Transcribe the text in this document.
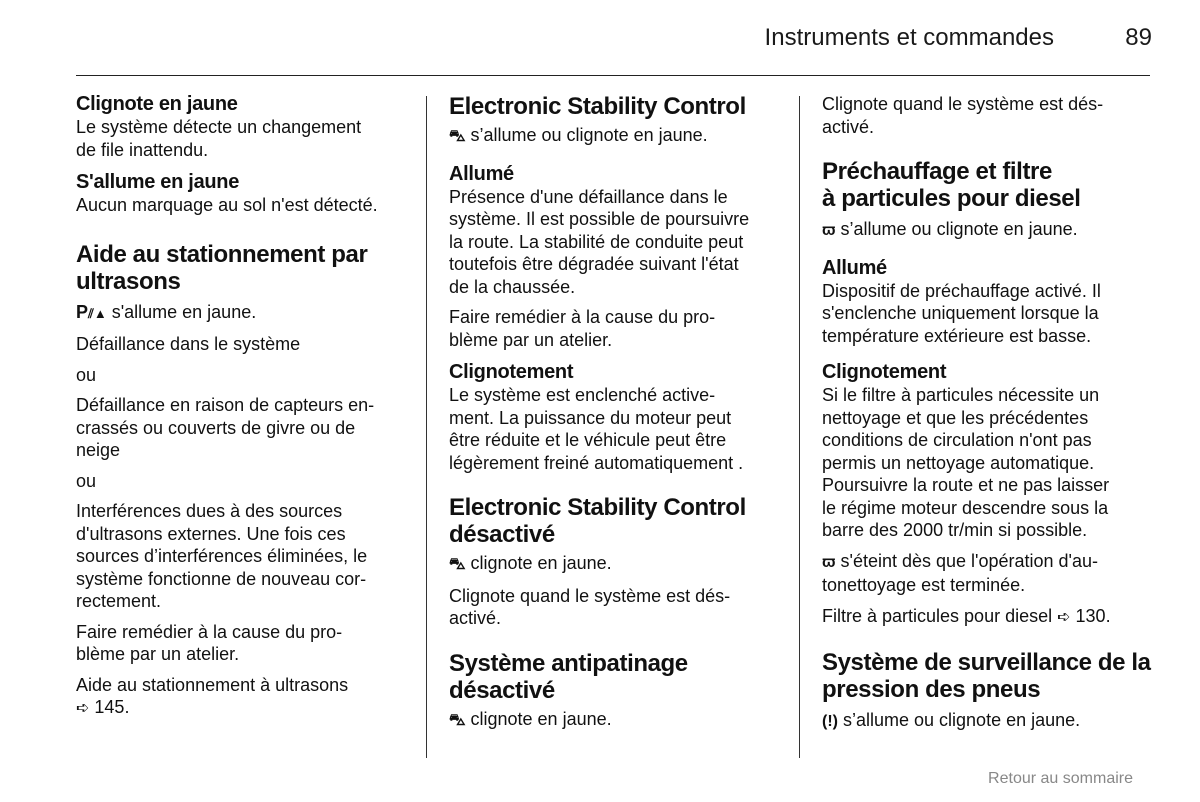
Instruments et commandes	89

Clignote en jaune

Le système détecte un changement
de file inattendu.

S'allume en jaune

Aucun marquage au sol n'est détecté.

Aide au stationnement par
ultrasons

P⫽▲ s'allume en jaune.

Défaillance dans le système

ou

Défaillance en raison de capteurs en-
crassés ou couverts de givre ou de
neige

ou

Interférences dues à des sources
d'ultrasons externes. Une fois ces
sources d’interférences éliminées, le
système fonctionne de nouveau cor-
rectement.

Faire remédier à la cause du pro-
blème par un atelier.

Aide au stationnement à ultrasons

➪ 145.

Electronic Stability Control

⛍ s’allume ou clignote en jaune.

Allumé

Présence d'une défaillance dans le
système. Il est possible de poursuivre
la route. La stabilité de conduite peut
toutefois être dégradée suivant l'état
de la chaussée.

Faire remédier à la cause du pro-
blème par un atelier.

Clignotement

Le système est enclenché active-
ment. La puissance du moteur peut
être réduite et le véhicule peut être
légèrement freiné automatiquement .

Electronic Stability Control
désactivé

⛍ clignote en jaune.

Clignote quand le système est dés-
activé.

Système antipatinage
désactivé

⛍ clignote en jaune.

Clignote quand le système est dés-
activé.

Préchauffage et filtre
à particules pour diesel

ϖ s’allume ou clignote en jaune.

Allumé

Dispositif de préchauffage activé. Il
s'enclenche uniquement lorsque la
température extérieure est basse.

Clignotement

Si le filtre à particules nécessite un
nettoyage et que les précédentes
conditions de circulation n'ont pas
permis un nettoyage automatique.
Poursuivre la route et ne pas laisser
le régime moteur descendre sous la
barre des 2000 tr/min si possible.

ϖ s'éteint dès que l'opération d'au-
tonettoyage est terminée.

Filtre à particules pour diesel ➪ 130.

Système de surveillance de la
pression des pneus

(!) s’allume ou clignote en jaune.

Retour au sommaire
